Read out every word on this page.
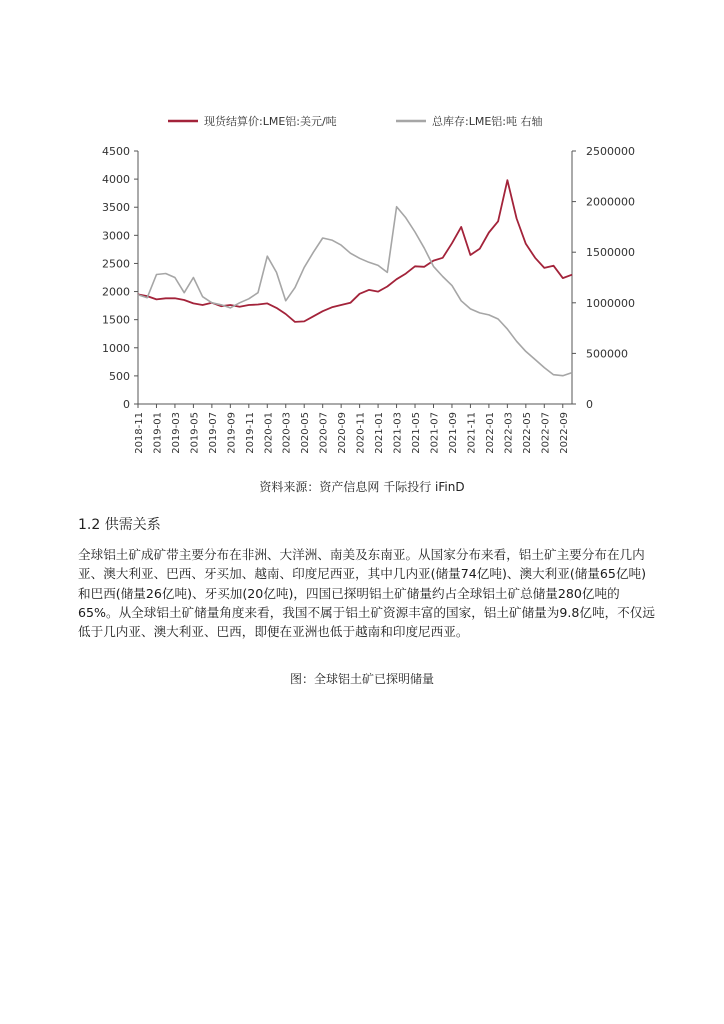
0
500
1000
1500
2000
2500
3000
3500
4000
4500
0
500000
1000000
1500000
2000000
2500000
2018-11 2019-01 2019-03 2019-05 2019-07 2019-09 2019-11 2020-01 2020-03 2020-05 2020-07 2020-09 2020-11 2021-01 2021-03 2021-05 2021-07 2021-09 2021-11 2022-01 2022-03 2022-05 2022-07 2022-09
现货结算价:LME铝:美元/吨	总库存:LME铝:吨 右轴
资料来源：资产信息网 千际投行 iFinD
1.2 供需关系

全球铝土矿成矿带主要分布在非洲、大洋洲、南美及东南亚。从国家分布来看，铝土矿主要分布在几内亚、澳大利亚、巴西、牙买加、越南、印度尼西亚，其中几内亚(储量74亿吨)、澳大利亚(储量65亿吨)和巴西(储量26亿吨)、牙买加(20亿吨)，四国已探明铝土矿储量约占全球铝土矿总储量280亿吨的65%。从全球铝土矿储量角度来看，我国不属于铝土矿资源丰富的国家，铝土矿储量为9.8亿吨，不仅远低于几内亚、澳大利亚、巴西，即便在亚洲也低于越南和印度尼西亚。

图：全球铝土矿已探明储量
